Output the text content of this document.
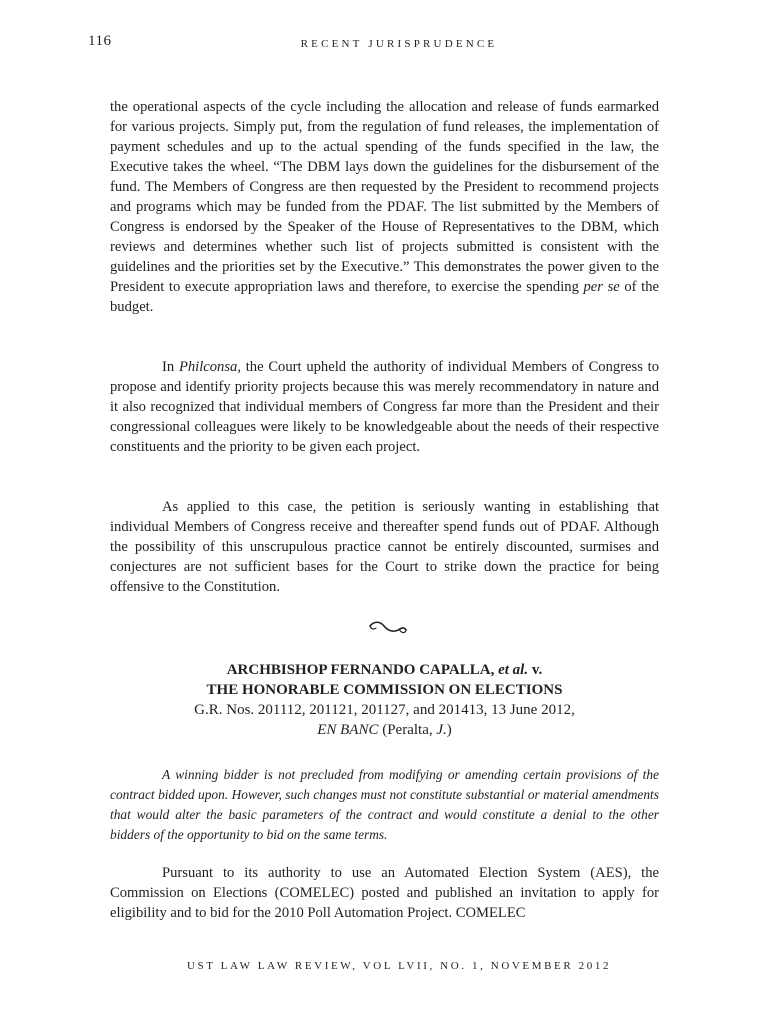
116	RECENT JURISPRUDENCE

the operational aspects of the cycle including the allocation and release of funds earmarked for various projects. Simply put, from the regulation of fund releases, the implementation of payment schedules and up to the actual spending of the funds specified in the law, the Executive takes the wheel. “The DBM lays down the guidelines for the disbursement of the fund. The Members of Congress are then requested by the President to recommend projects and programs which may be funded from the PDAF. The list submitted by the Members of Congress is endorsed by the Speaker of the House of Representatives to the DBM, which reviews and determines whether such list of projects submitted is consistent with the guidelines and the priorities set by the Executive.” This demonstrates the power given to the President to execute appropriation laws and therefore, to exercise the spending per se of the budget.

In Philconsa, the Court upheld the authority of individual Members of Congress to propose and identify priority projects because this was merely recommendatory in nature and it also recognized that individual members of Congress far more than the President and their congressional colleagues were likely to be knowledgeable about the needs of their respective constituents and the priority to be given each project.

As applied to this case, the petition is seriously wanting in establishing that individual Members of Congress receive and thereafter spend funds out of PDAF. Although the possibility of this unscrupulous practice cannot be entirely discounted, surmises and conjectures are not sufficient bases for the Court to strike down the practice for being offensive to the Constitution.

ARCHBISHOP FERNANDO CAPALLA, et al. v.
THE HONORABLE COMMISSION ON ELECTIONS
G.R. Nos. 201112, 201121, 201127, and 201413, 13 June 2012,
EN BANC (Peralta, J.)

A winning bidder is not precluded from modifying or amending certain provisions of the contract bidded upon. However, such changes must not constitute substantial or material amendments that would alter the basic parameters of the contract and would constitute a denial to the other bidders of the opportunity to bid on the same terms.

Pursuant to its authority to use an Automated Election System (AES), the Commission on Elections (COMELEC) posted and published an invitation to apply for eligibility and to bid for the 2010 Poll Automation Project. COMELEC

UST LAW LAW REVIEW, VOL LVII, NO. 1, NOVEMBER 2012
